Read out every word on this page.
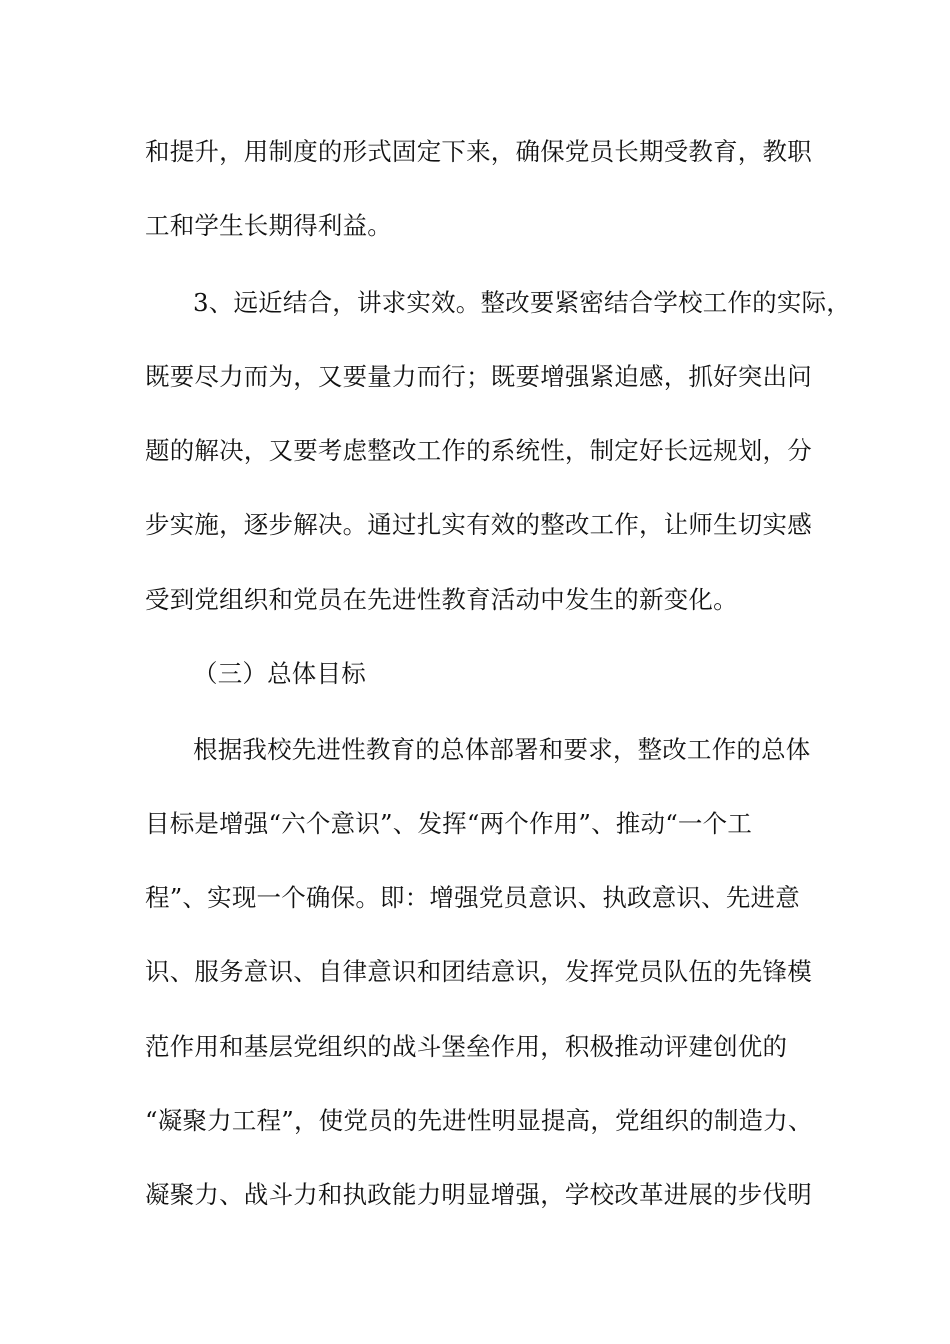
和提升，用制度的形式固定下来，确保党员长期受教育，教职
工和学生长期得利益。
3、远近结合，讲求实效。整改要紧密结合学校工作的实际，
既要尽力而为，又要量力而行；既要增强紧迫感，抓好突出问
题的解决，又要考虑整改工作的系统性，制定好长远规划，分
步实施，逐步解决。通过扎实有效的整改工作，让师生切实感
受到党组织和党员在先进性教育活动中发生的新变化。
（三）总体目标
根据我校先进性教育的总体部署和要求，整改工作的总体
目标是增强“六个意识”、发挥“两个作用”、推动“一个工
程”、实现一个确保。即：增强党员意识、执政意识、先进意
识、服务意识、自律意识和团结意识，发挥党员队伍的先锋模
范作用和基层党组织的战斗堡垒作用，积极推动评建创优的
“凝聚力工程”，使党员的先进性明显提高，党组织的制造力、
凝聚力、战斗力和执政能力明显增强，学校改革进展的步伐明
